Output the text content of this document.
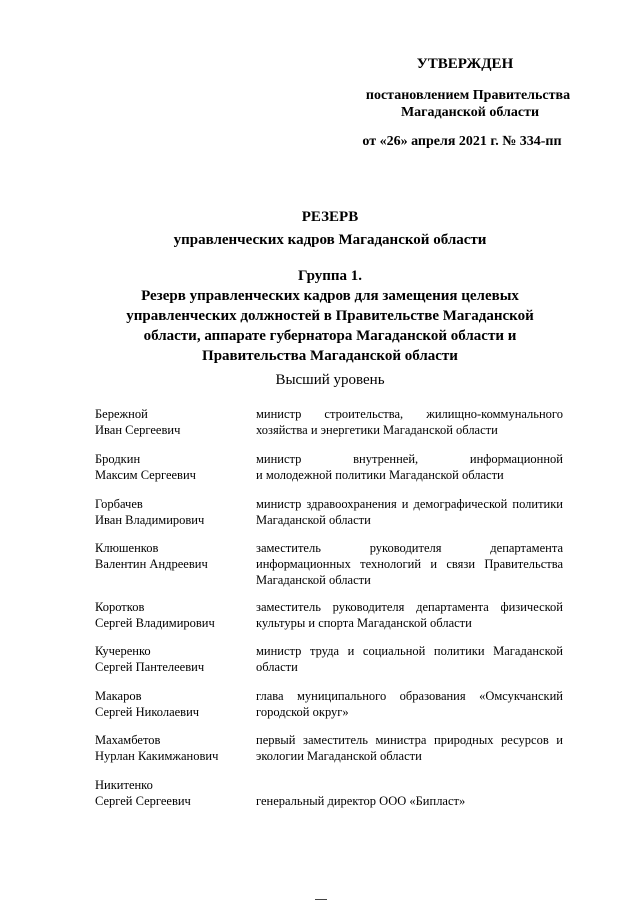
УТВЕРЖДЕН
постановлением Правительства
Магаданской области
от «26» апреля 2021 г. № 334-пп
РЕЗЕРВ
управленческих кадров Магаданской области
Группа 1.
Резерв управленческих кадров для замещения целевых
управленческих должностей в Правительстве Магаданской
области, аппарате губернатора Магаданской области и
Правительства Магаданской области
Высший уровень
Бережной
Иван Сергеевич
министр строительства, жилищно-коммунального
хозяйства и энергетики Магаданской области
Бродкин
Максим Сергеевич
министр внутренней, информационной
и молодежной политики Магаданской области
Горбачев
Иван Владимирович
министр здравоохранения и демографической политики
Магаданской области
Клюшенков
Валентин Андреевич
заместитель руководителя департамента
информационных технологий и связи Правительства
Магаданской области
Коротков
Сергей Владимирович
заместитель руководителя департамента физической
культуры и спорта Магаданской области
Кучеренко
Сергей Пантелеевич
министр труда и социальной политики Магаданской
области
Макаров
Сергей Николаевич
глава муниципального образования «Омсукчанский
городской округ»
Махамбетов
Нурлан Какимжанович
первый заместитель министра природных ресурсов и
экологии Магаданской области
Никитенко
Сергей Сергеевич	генеральный директор ООО «Бипласт»
